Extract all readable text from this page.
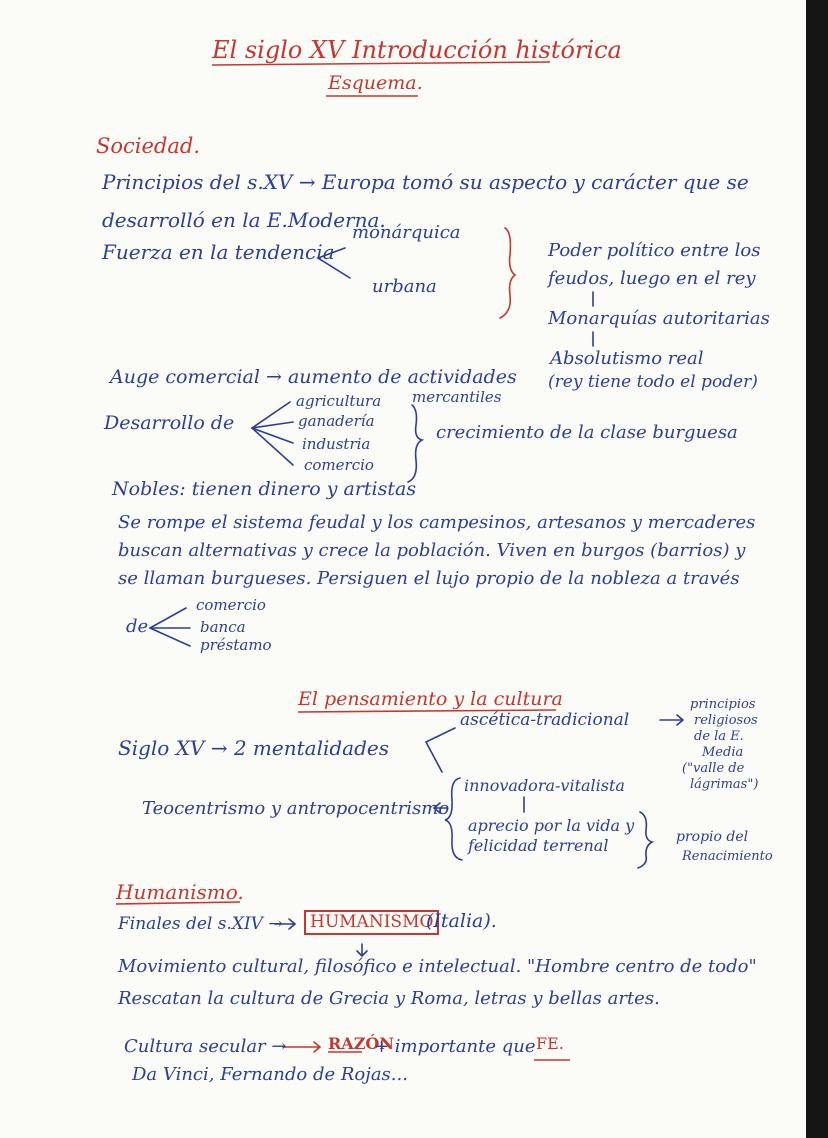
El siglo XV Introducción histórica
Esquema.
Sociedad.
Principios del s.XV → Europa tomó su aspecto y carácter que se
desarrolló en la E.Moderna.
Fuerza en la tendencia
monárquica
urbana
Poder político entre los
feudos, luego en el rey
Monarquías autoritarias
Absolutismo real
(rey tiene todo el poder)
Auge comercial → aumento de actividades
mercantiles
Desarrollo de
agricultura
ganadería
industria
comercio
crecimiento de la clase burguesa
Nobles: tienen dinero y artistas
Se rompe el sistema feudal y los campesinos, artesanos y mercaderes
buscan alternativas y crece la población. Viven en burgos (barrios) y
se llaman burgueses. Persiguen el lujo propio de la nobleza a través
de
comercio
banca
préstamo
El pensamiento y la cultura
Siglo XV → 2 mentalidades
ascética-tradicional
principios
religiosos
de la E.
Media
("valle de
lágrimas")
innovadora-vitalista
Teocentrismo y antropocentrismo
aprecio por la vida y
felicidad terrenal	propio del
Renacimiento
Humanismo.
Finales del s.XIV →	HUMANISMO
(Italia).
Movimiento cultural, filosófico e intelectual. "Hombre centro de todo"
Rescatan la cultura de Grecia y Roma, letras y bellas artes.
Cultura secular →	RAZÓN
+ importante que FE.
Da Vinci, Fernando de Rojas...
